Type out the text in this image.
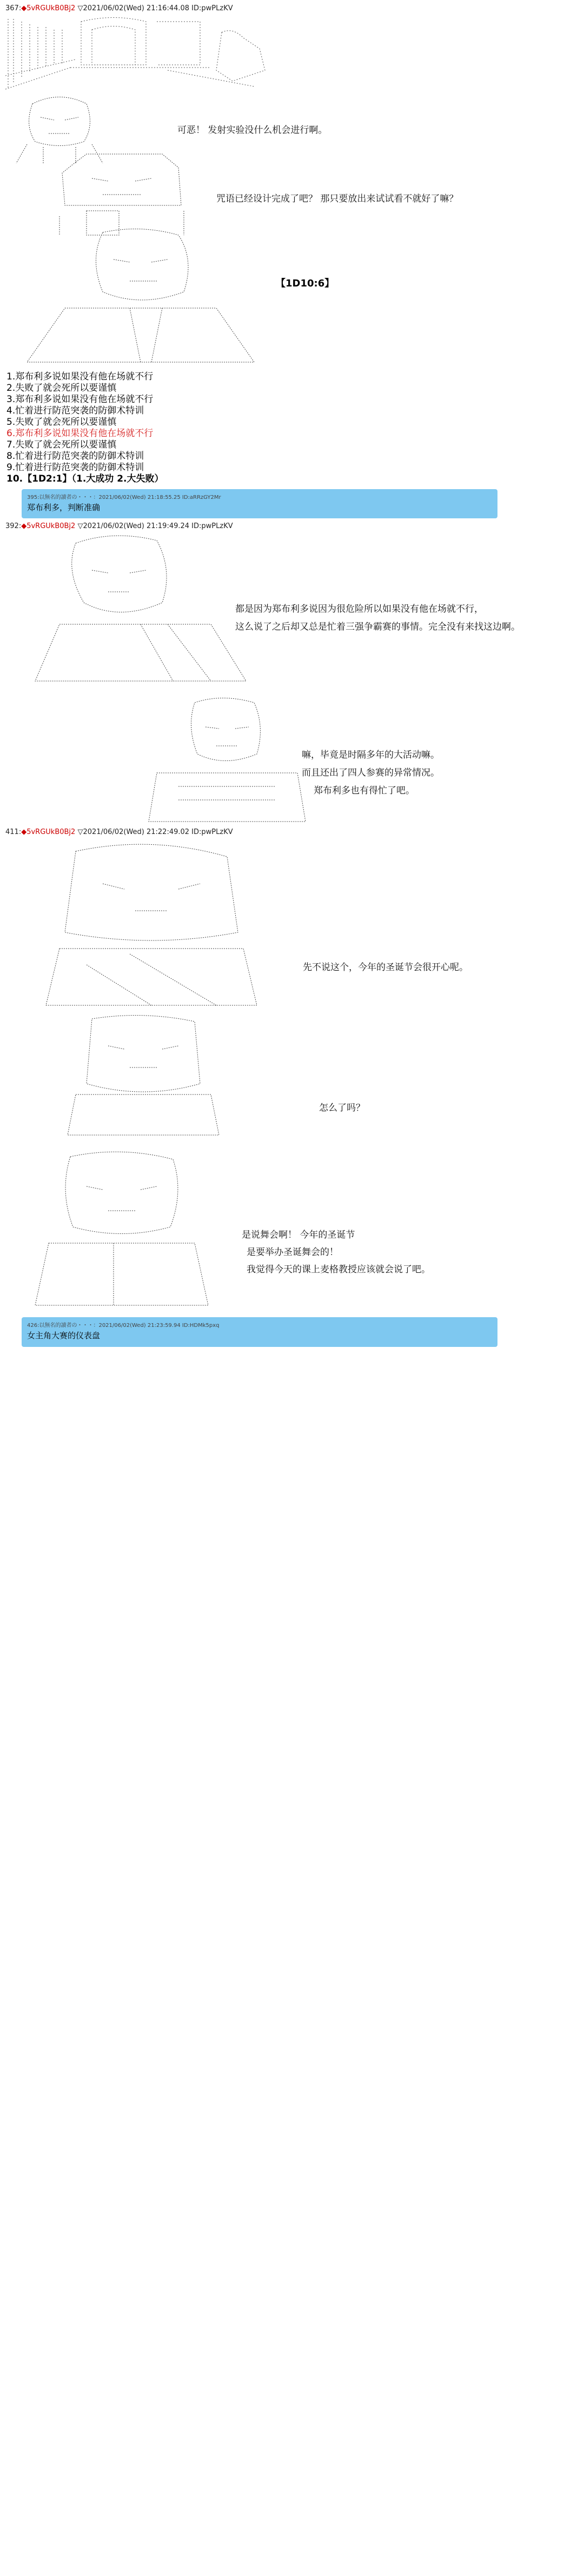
367:◆5vRGUkB0Bj2 ▽2021/06/02(Wed) 21:16:44.08 ID:pwPLzKV
可恶！ 发射实验没什么机会进行啊。
咒语已经设计完成了吧？ 那只要放出来试试看不就好了嘛？
【1D10:6】
1.郑布利多说如果没有他在场就不行
2.失败了就会死所以要谨慎
3.郑布利多说如果没有他在场就不行
4.忙着进行防范突袭的防御术特训
5.失败了就会死所以要谨慎
6.郑布利多说如果没有他在场就不行
7.失败了就会死所以要谨慎
8.忙着进行防范突袭的防御术特训
9.忙着进行防范突袭的防御术特训
10.【1D2:1】（1.大成功 2.大失败）
395:以無名的讀者の・・・：2021/06/02(Wed) 21:18:55.25 ID:aRRzGY2Mr
郑布利多，判断准确
392:◆5vRGUkB0Bj2 ▽2021/06/02(Wed) 21:19:49.24 ID:pwPLzKV
都是因为郑布利多说因为很危险所以如果没有他在场就不行，
这么说了之后却又总是忙着三强争霸赛的事情。完全没有来找这边啊。
嘛，毕竟是时隔多年的大活动嘛。
而且还出了四人参赛的异常情况。
郑布利多也有得忙了吧。
411:◆5vRGUkB0Bj2 ▽2021/06/02(Wed) 21:22:49.02 ID:pwPLzKV
先不说这个，今年的圣诞节会很开心呢。
怎么了吗？
是说舞会啊！ 今年的圣诞节
是要举办圣诞舞会的！
我觉得今天的课上麦格教授应该就会说了吧。
426:以無名的讀者の・・・：2021/06/02(Wed) 21:23:59.94 ID:HDMk5pxq
女主角大赛的仪表盘
